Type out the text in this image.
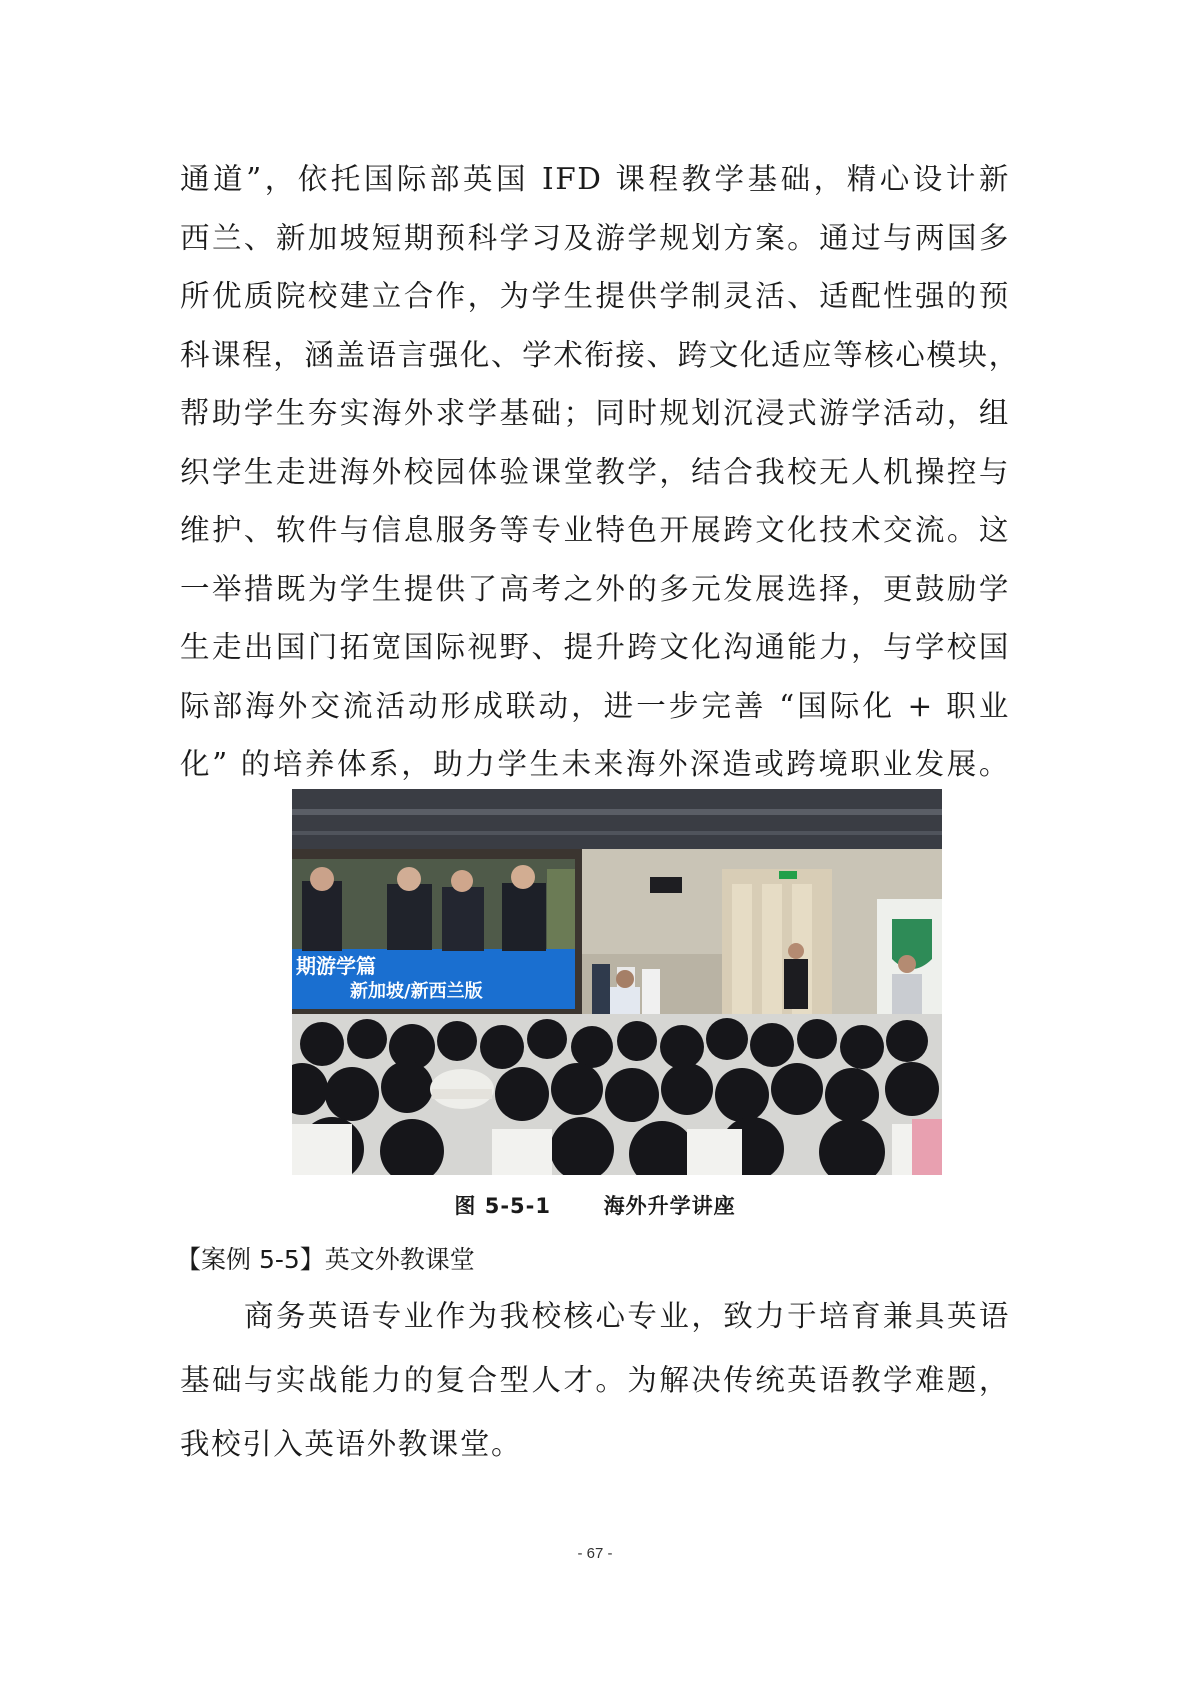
通道”，依托国际部英国 IFD 课程教学基础，精心设计新
西兰、新加坡短期预科学习及游学规划方案。通过与两国多
所优质院校建立合作，为学生提供学制灵活、适配性强的预
科课程，涵盖语言强化、学术衔接、跨文化适应等核心模块，
帮助学生夯实海外求学基础；同时规划沉浸式游学活动，组
织学生走进海外校园体验课堂教学，结合我校无人机操控与
维护、软件与信息服务等专业特色开展跨文化技术交流。这
一举措既为学生提供了高考之外的多元发展选择，更鼓励学
生走出国门拓宽国际视野、提升跨文化沟通能力，与学校国
际部海外交流活动形成联动，进一步完善 “国际化 + 职业
化” 的培养体系，助力学生未来海外深造或跨境职业发展。
期游学篇
新加坡/新西兰版
图 5-5-1	海外升学讲座
【案例 5-5】英文外教课堂
商务英语专业作为我校核心专业，致力于培育兼具英语
基础与实战能力的复合型人才。为解决传统英语教学难题，
我校引入英语外教课堂。
- 67 -
